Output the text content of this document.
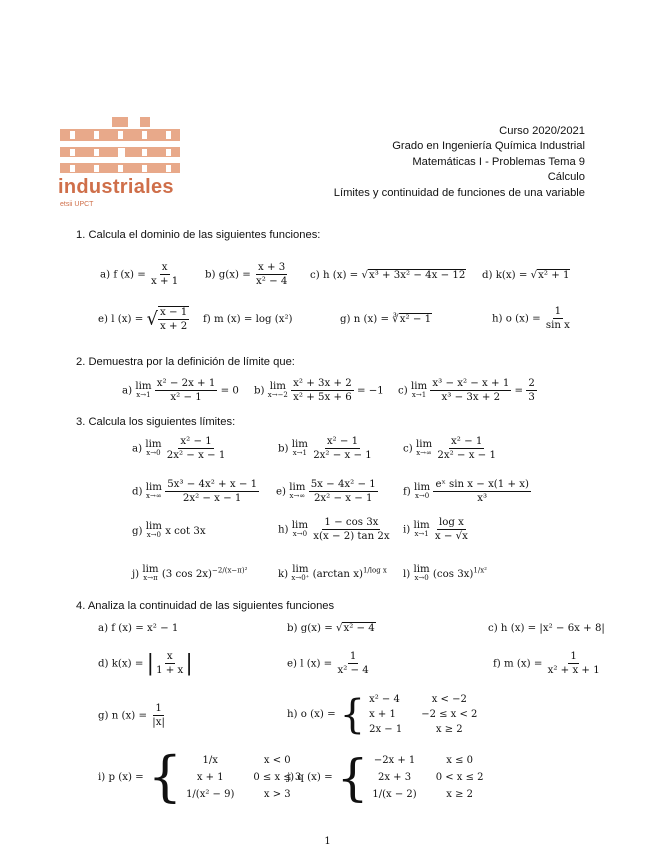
industriales
etsii UPCT
Curso 2020/2021
Grado en Ingeniería Química Industrial
Matemáticas I - Problemas Tema 9
Cálculo
Límites y continuidad de funciones de una variable
1. Calcula el dominio de las siguientes funciones:
a) f $(x) = \frac{x}{x + 1} b$) $g(x) = \frac{x + 3}{\text{x² − 4}} c$) h (x) = √x³ + 3x² − 4x − 12 d) k(x) = √x² + 1
e) l (x) = √ $\frac{x - 1}{x + 2} f$) m (x) = log (x²)	g) n (x) = ∛x² − 1	h) o $(x) = \frac{1}{\text{sin x}}$
2. Demuestra por la definición de límite que:
a) lim
x→1
$\frac{\text{x² − 2x + 1}}{\text{x² − 1}} = 0$ b) lim
x→−2
$\frac{\text{x² + 3x + 2}}{\text{x² + 5x + 6}} = -1$ c) lim
x→1
$\frac{\text{x³ − x² − x + 1}}{\text{x³ − 3x + 2}} = \frac{2}{3}$
3. Calcula los siguientes límites:
a) lim
x→0
$\frac{\text{x² − 1}}{\text{2x² − x − 1}}$	b) lim
x→1
$\frac{\text{x² − 1}}{\text{2x² − x − 1}}$	c) lim
x→∞
$\frac{\text{x² − 1}}{\text{2x² − x − 1}}$
d) lim
x→∞
$\frac{\text{5x³ − 4x² + x − 1}}{\text{2x² − x − 1}} e$) lim
x→∞
$\frac{\text{5x − 4x² − 1}}{\text{2x² − x − 1}} f$) lim
x→0
$\frac{\text{eˣ sin x − x(1 + x)}}{\text{x³}}$
g) lim
x→0 x cot 3x	h) lim
x→0
$\frac{1 - \cos 3x}{x(x - 2) \tan 2x} i$) lim
x→1
$\frac{\text{log x}}{x - √x}$
j) lim
x→π (3 cos 2x)$^{-2/(x-\pi)^2}$	k) lim
x→0⁺ (arctan x)$^{1/log x}$ l) lim
x→0 (cos 3x)$^{1/x^2}$
4. Analiza la continuidad de las siguientes funciones
a) f (x) = x² − 1	b) g(x) = √x² − 4	c) h (x) = |x² − 6x + 8|
d) k(x) = | $\frac{x}{1 + x}$ |	e) l $(x) = \frac{1}{\text{x² − 4}}$	f) m $(x) = \frac{1}{\text{x² + x + 1}}$
g) n $(x) = \frac{1}{|x|}$	h) o (x) = { x² − 4	x < −2
x + 1	−2 ≤ x < 2
2x − 1	x ≥ 2
i) p (x) = { 1/x	x < 0
x + 1	0 ≤ x ≤ 3
1/(x² − 9)	x > 3
j) q (x) = { −2x + 1	x ≤ 0
2x + 3	0 < x ≤ 2
1/(x − 2)	x ≥ 2
1
